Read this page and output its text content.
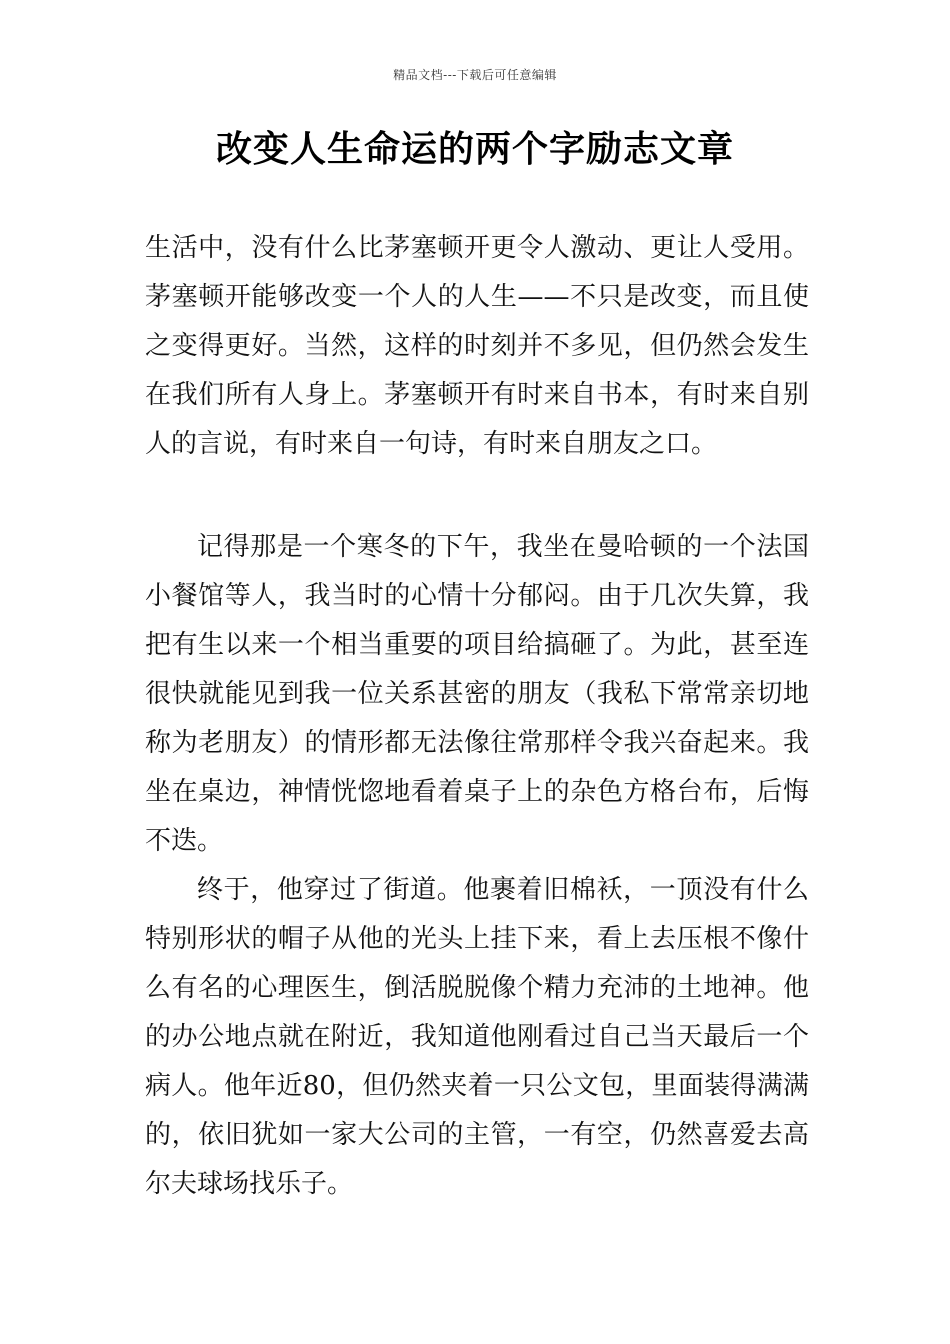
精品文档---下载后可任意编辑
改变人生命运的两个字励志文章

生活中，没有什么比茅塞顿开更令人激动、更让人受用。茅塞顿开能够改变一个人的人生——不只是改变，而且使之变得更好。当然，这样的时刻并不多见，但仍然会发生在我们所有人身上。茅塞顿开有时来自书本，有时来自别人的言说，有时来自一句诗，有时来自朋友之口。

记得那是一个寒冬的下午，我坐在曼哈顿的一个法国小餐馆等人，我当时的心情十分郁闷。由于几次失算，我把有生以来一个相当重要的项目给搞砸了。为此，甚至连很快就能见到我一位关系甚密的朋友（我私下常常亲切地称为老朋友）的情形都无法像往常那样令我兴奋起来。我坐在桌边，神情恍惚地看着桌子上的杂色方格台布，后悔不迭。

终于，他穿过了街道。他裹着旧棉袄，一顶没有什么特别形状的帽子从他的光头上挂下来，看上去压根不像什么有名的心理医生，倒活脱脱像个精力充沛的土地神。他的办公地点就在附近，我知道他刚看过自己当天最后一个病人。他年近80，但仍然夹着一只公文包，里面装得满满的，依旧犹如一家大公司的主管，一有空，仍然喜爱去高尔夫球场找乐子。
